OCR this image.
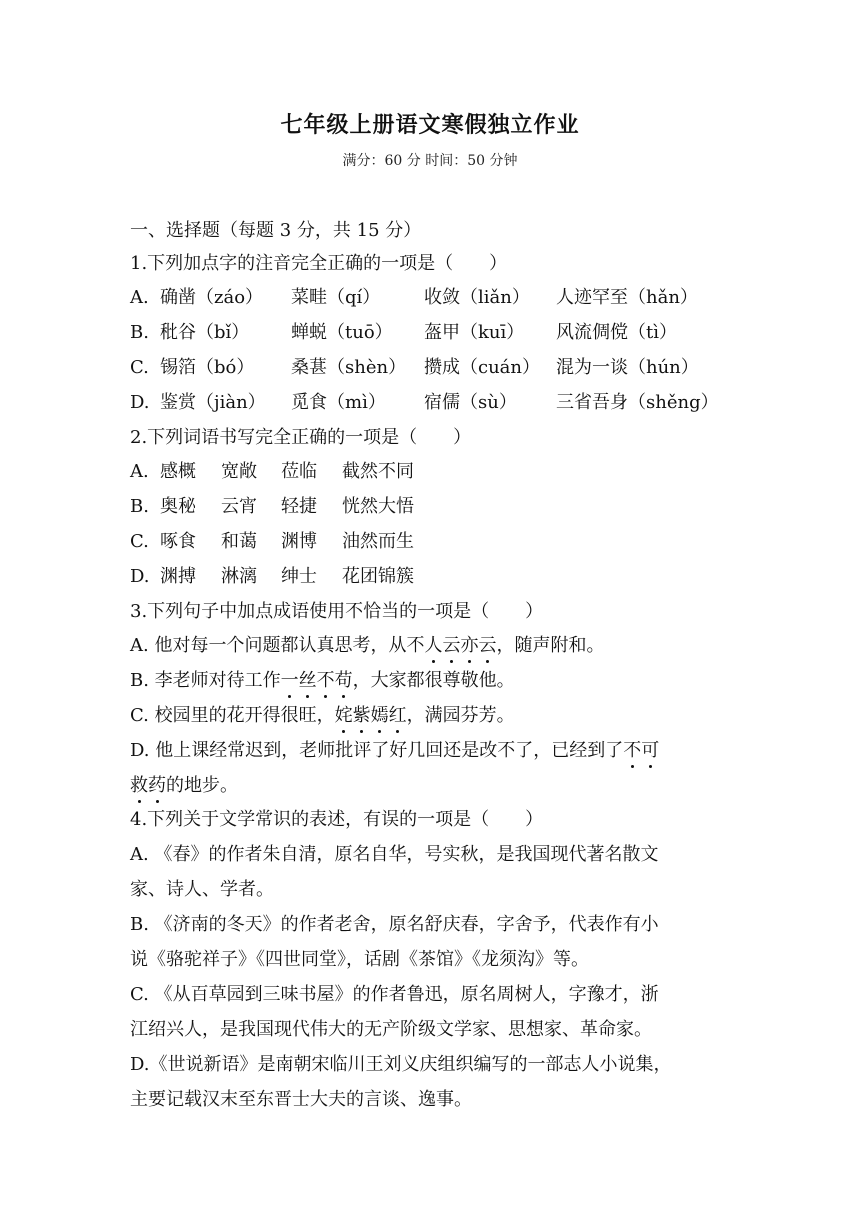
七年级上册语文寒假独立作业
满分：60 分 时间：50 分钟
一、选择题（每题 3 分，共 15 分）
1.下列加点字的注音完全正确的一项是（　　）
A. 确凿（záo） 菜畦（qí） 收敛（liǎn） 人迹罕至（hǎn）
B. 秕谷（bǐ） 蝉蜕（tuō） 盔甲（kuī） 风流倜傥（tì）
C. 锡箔（bó） 桑葚（shèn） 攒成（cuán） 混为一谈（hún）
D. 鉴赏（jiàn） 觅食（mì） 宿儒（sù） 三省吾身（shěng）
2.下列词语书写完全正确的一项是（　　）
A. 感概 宽敞 莅临 截然不同
B. 奥秘 云宵 轻捷 恍然大悟
C. 啄食 和蔼 渊博 油然而生
D. 渊搏 淋漓 绅士 花团锦簇
3.下列句子中加点成语使用不恰当的一项是（　　）
A. 他对每一个问题都认真思考，从不人云亦云，随声附和。
B. 李老师对待工作一丝不苟，大家都很尊敬他。
C. 校园里的花开得很旺，姹紫嫣红，满园芬芳。
D. 他上课经常迟到，老师批评了好几回还是改不了，已经到了不可
救药的地步。
4.下列关于文学常识的表述，有误的一项是（　　）
A. 《春》的作者朱自清，原名自华，号实秋，是我国现代著名散文
家、诗人、学者。
B. 《济南的冬天》的作者老舍，原名舒庆春，字舍予，代表作有小
说《骆驼祥子》《四世同堂》，话剧《茶馆》《龙须沟》等。
C. 《从百草园到三味书屋》的作者鲁迅，原名周树人，字豫才，浙
江绍兴人，是我国现代伟大的无产阶级文学家、思想家、革命家。
D.《世说新语》是南朝宋临川王刘义庆组织编写的一部志人小说集，
主要记载汉末至东晋士大夫的言谈、逸事。
